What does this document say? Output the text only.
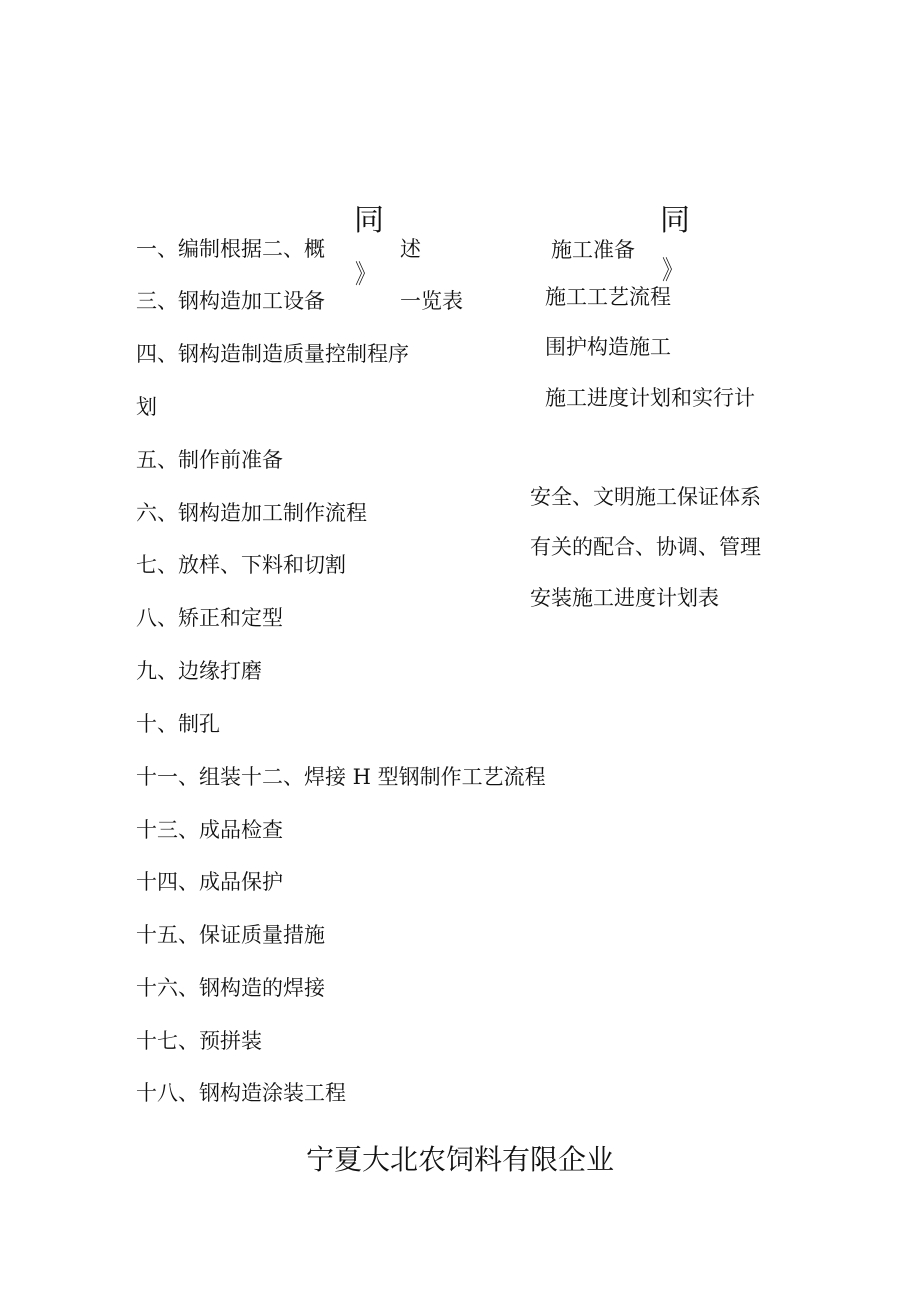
同
》
同
》
一、编制根据二、概	述
三、钢构造加工设备	一览表
四、钢构造制造质量控制程序
划
五、制作前准备
六、钢构造加工制作流程
七、放样、下料和切割
八、矫正和定型
九、边缘打磨
十、制孔
十一、组装十二、焊接 H 型钢制作工艺流程
十三、成品检查
十四、成品保护
十五、保证质量措施
十六、钢构造的焊接
十七、预拼装
十八、钢构造涂装工程
施工准备
施工工艺流程
围护构造施工
施工进度计划和实行计
安全、文明施工保证体系
有关的配合、协调、管理
安装施工进度计划表
宁夏大北农饲料有限企业
